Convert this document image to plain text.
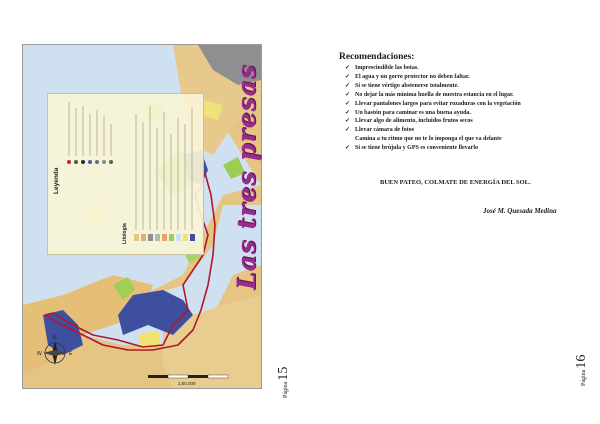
N
W	E
1:50.000
Leyenda
Litología	Las tres presas
Página15
Recomendaciones:
✓ Imprescindible las botas.
✓ El agua y un gorro protector no deben faltar.
✓ Si se tiene vértigo abstenerse totalmente.
✓ No dejar la más mínima huella de nuestra estancia en el lugar.
✓ Llevar pantalones largos para evitar rozaduras con la vegetación
✓ Un bastón para caminar es una buena ayuda.
✓ Llevar algo de alimento, incluidos frutos secos
✓ Llevar cámara de fotos
Camina a tu ritmo que no te lo imponga el que va delante
✓ Si se tiene brújula y GPS es conveniente llevarlo
BUEN PATEO, COLMATE DE ENERGÍA DEL SOL.
José M. Quesada Medina
Página16
